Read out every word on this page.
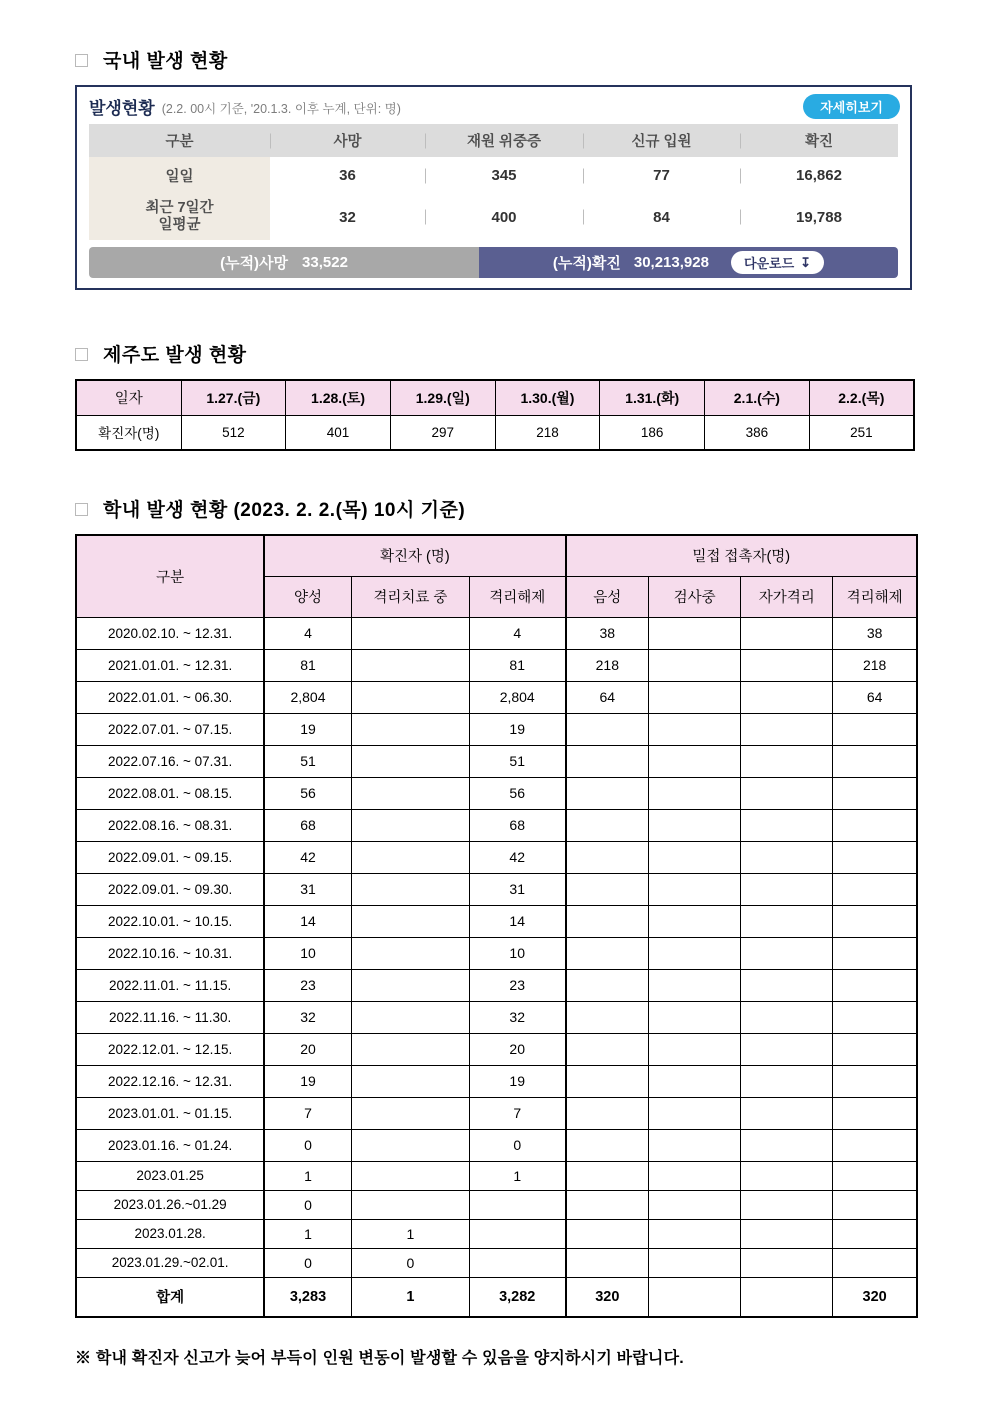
국내 발생 현황
발생현황 (2.2. 00시 기준, '20.1.3. 이후 누계, 단위: 명)	자세히보기
구분	사망	재원 위중증	신규 입원	확진
일일	36	345	77	16,862

최근 7일간
일평균	32	400	84	19,788
(누적)사망 33,522	(누적)확진 30,213,928	다운로드 ↧
제주도 발생 현황
일자	1.27.(금)	1.28.(토)	1.29.(일)	1.30.(월)	1.31.(화)	2.1.(수)	2.2.(목)
확진자(명)	512	401	297	218	186	386	251
학내 발생 현황 (2023. 2. 2.(목) 10시 기준)
구분	확진자 (명)			밀접 접촉자(명)			
	양성	격리치료 중	격리해제	음성	검사중	자가격리	격리해제
2020.02.10. ~ 12.31.	4		4	38			38
2021.01.01. ~ 12.31.	81		81	218			218
2022.01.01. ~ 06.30.	2,804		2,804	64			64
2022.07.01. ~ 07.15.	19		19				
2022.07.16. ~ 07.31.	51		51				
2022.08.01. ~ 08.15.	56		56				
2022.08.16. ~ 08.31.	68		68				
2022.09.01. ~ 09.15.	42		42				
2022.09.01. ~ 09.30.	31		31				
2022.10.01. ~ 10.15.	14		14				
2022.10.16. ~ 10.31.	10		10				
2022.11.01. ~ 11.15.	23		23				
2022.11.16. ~ 11.30.	32		32				
2022.12.01. ~ 12.15.	20		20				
2022.12.16. ~ 12.31.	19		19				
2023.01.01. ~ 01.15.	7		7				
2023.01.16. ~ 01.24.	0		0				
2023.01.25	1		1				
2023.01.26.~01.29	0						
2023.01.28.	1	1					
2023.01.29.~02.01.	0	0					
합계	3,283	1	3,282	320			320

※ 학내 확진자 신고가 늦어 부득이 인원 변동이 발생할 수 있음을 양지하시기 바랍니다.
